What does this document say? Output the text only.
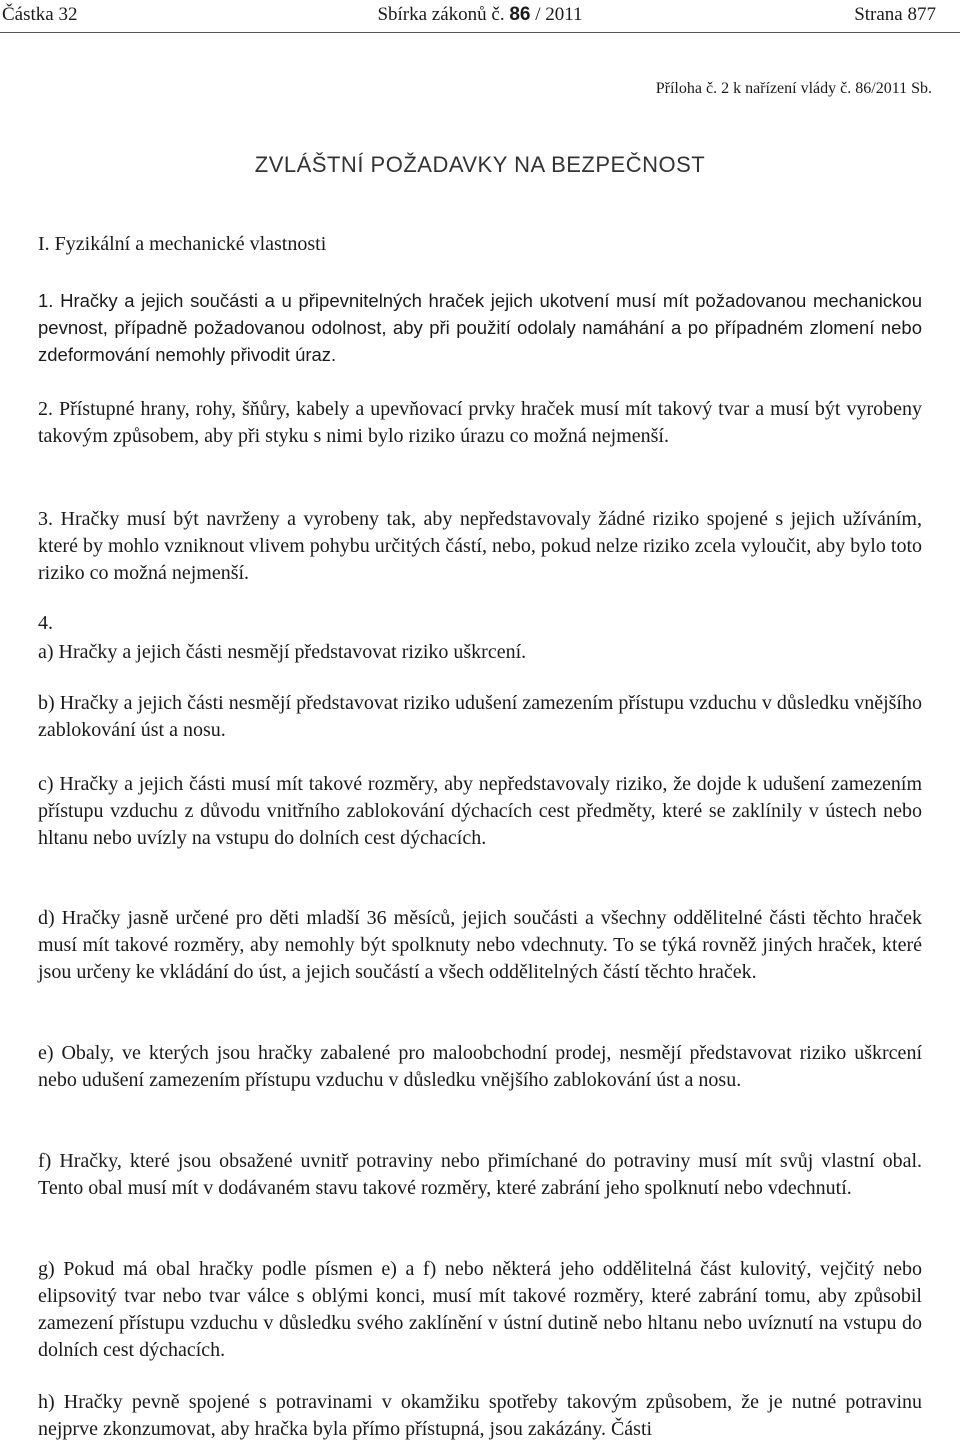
Částka 32	Sbírka zákonů č. 86 / 2011	Strana 877
Příloha č. 2 k nařízení vlády č. 86/2011 Sb.
ZVLÁŠTNÍ POŽADAVKY NA BEZPEČNOST
I. Fyzikální a mechanické vlastnosti

1. Hračky a jejich součásti a u připevnitelných hraček jejich ukotvení musí mít požadovanou mechanickou pevnost, případně požadovanou odolnost, aby při použití odolaly namáhání a po případném zlomení nebo zdeformování nemohly přivodit úraz.

2. Přístupné hrany, rohy, šňůry, kabely a upevňovací prvky hraček musí mít takový tvar a musí být vyrobeny takovým způsobem, aby při styku s nimi bylo riziko úrazu co možná nejmenší.

3. Hračky musí být navrženy a vyrobeny tak, aby nepředstavovaly žádné riziko spojené s jejich užíváním, které by mohlo vzniknout vlivem pohybu určitých částí, nebo, pokud nelze riziko zcela vyloučit, aby bylo toto riziko co možná nejmenší.

4.

a) Hračky a jejich části nesmějí představovat riziko uškrcení.

b) Hračky a jejich části nesmějí představovat riziko udušení zamezením přístupu vzduchu v důsledku vnějšího zablokování úst a nosu.

c) Hračky a jejich části musí mít takové rozměry, aby nepředstavovaly riziko, že dojde k udušení zamezením přístupu vzduchu z důvodu vnitřního zablokování dýchacích cest předměty, které se zaklínily v ústech nebo hltanu nebo uvízly na vstupu do dolních cest dýchacích.

d) Hračky jasně určené pro děti mladší 36 měsíců, jejich součásti a všechny oddělitelné části těchto hraček musí mít takové rozměry, aby nemohly být spolknuty nebo vdechnuty. To se týká rovněž jiných hraček, které jsou určeny ke vkládání do úst, a jejich součástí a všech oddělitelných částí těchto hraček.

e) Obaly, ve kterých jsou hračky zabalené pro maloobchodní prodej, nesmějí představovat riziko uškrcení nebo udušení zamezením přístupu vzduchu v důsledku vnějšího zablokování úst a nosu.

f) Hračky, které jsou obsažené uvnitř potraviny nebo přimíchané do potraviny musí mít svůj vlastní obal. Tento obal musí mít v dodávaném stavu takové rozměry, které zabrání jeho spolknutí nebo vdechnutí.

g) Pokud má obal hračky podle písmen e) a f) nebo některá jeho oddělitelná část kulovitý, vejčitý nebo elipsovitý tvar nebo tvar válce s oblými konci, musí mít takové rozměry, které zabrání tomu, aby způsobil zamezení přístupu vzduchu v důsledku svého zaklínění v ústní dutině nebo hltanu nebo uvíznutí na vstupu do dolních cest dýchacích.

h) Hračky pevně spojené s potravinami v okamžiku spotřeby takovým způsobem, že je nutné potravinu nejprve zkonzumovat, aby hračka byla přímo přístupná, jsou zakázány. Části
